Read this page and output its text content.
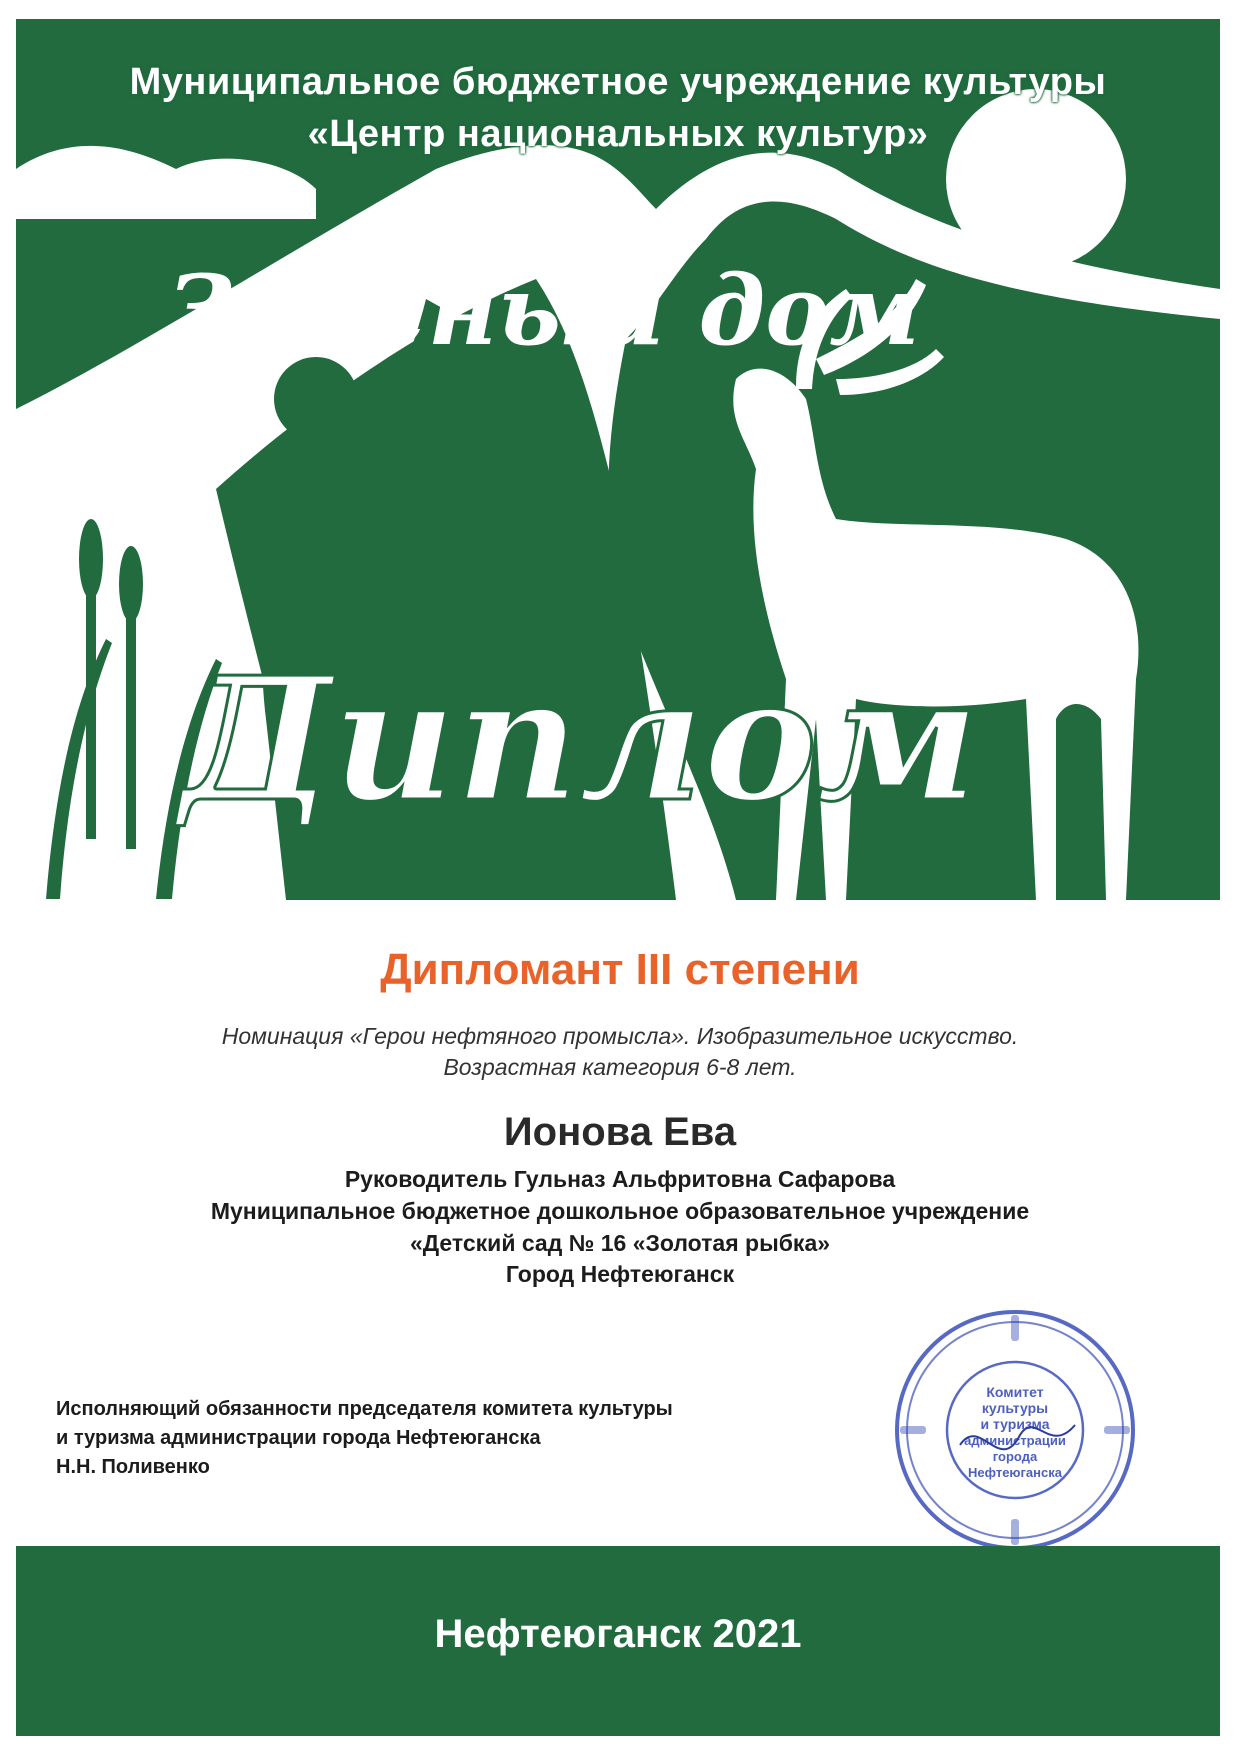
Зеленый дом
Диплом
Муниципальное бюджетное учреждение культуры
«Центр национальных культур»
Дипломант III степени
Номинация «Герои нефтяного промысла». Изобразительное искусство.
Возрастная категория 6-8 лет.
Ионова Ева
Руководитель Гульназ Альфритовна Сафарова
Муниципальное бюджетное дошкольное образовательное учреждение
«Детский сад № 16 «Золотая рыбка»
Город Нефтеюганск
Исполняющий обязанности председателя комитета культуры
и туризма администрации города Нефтеюганска
Н.Н. Поливенко
Комитет
культуры
и туризма
администрации
города
Нефтеюганска
Нефтеюганск 2021
